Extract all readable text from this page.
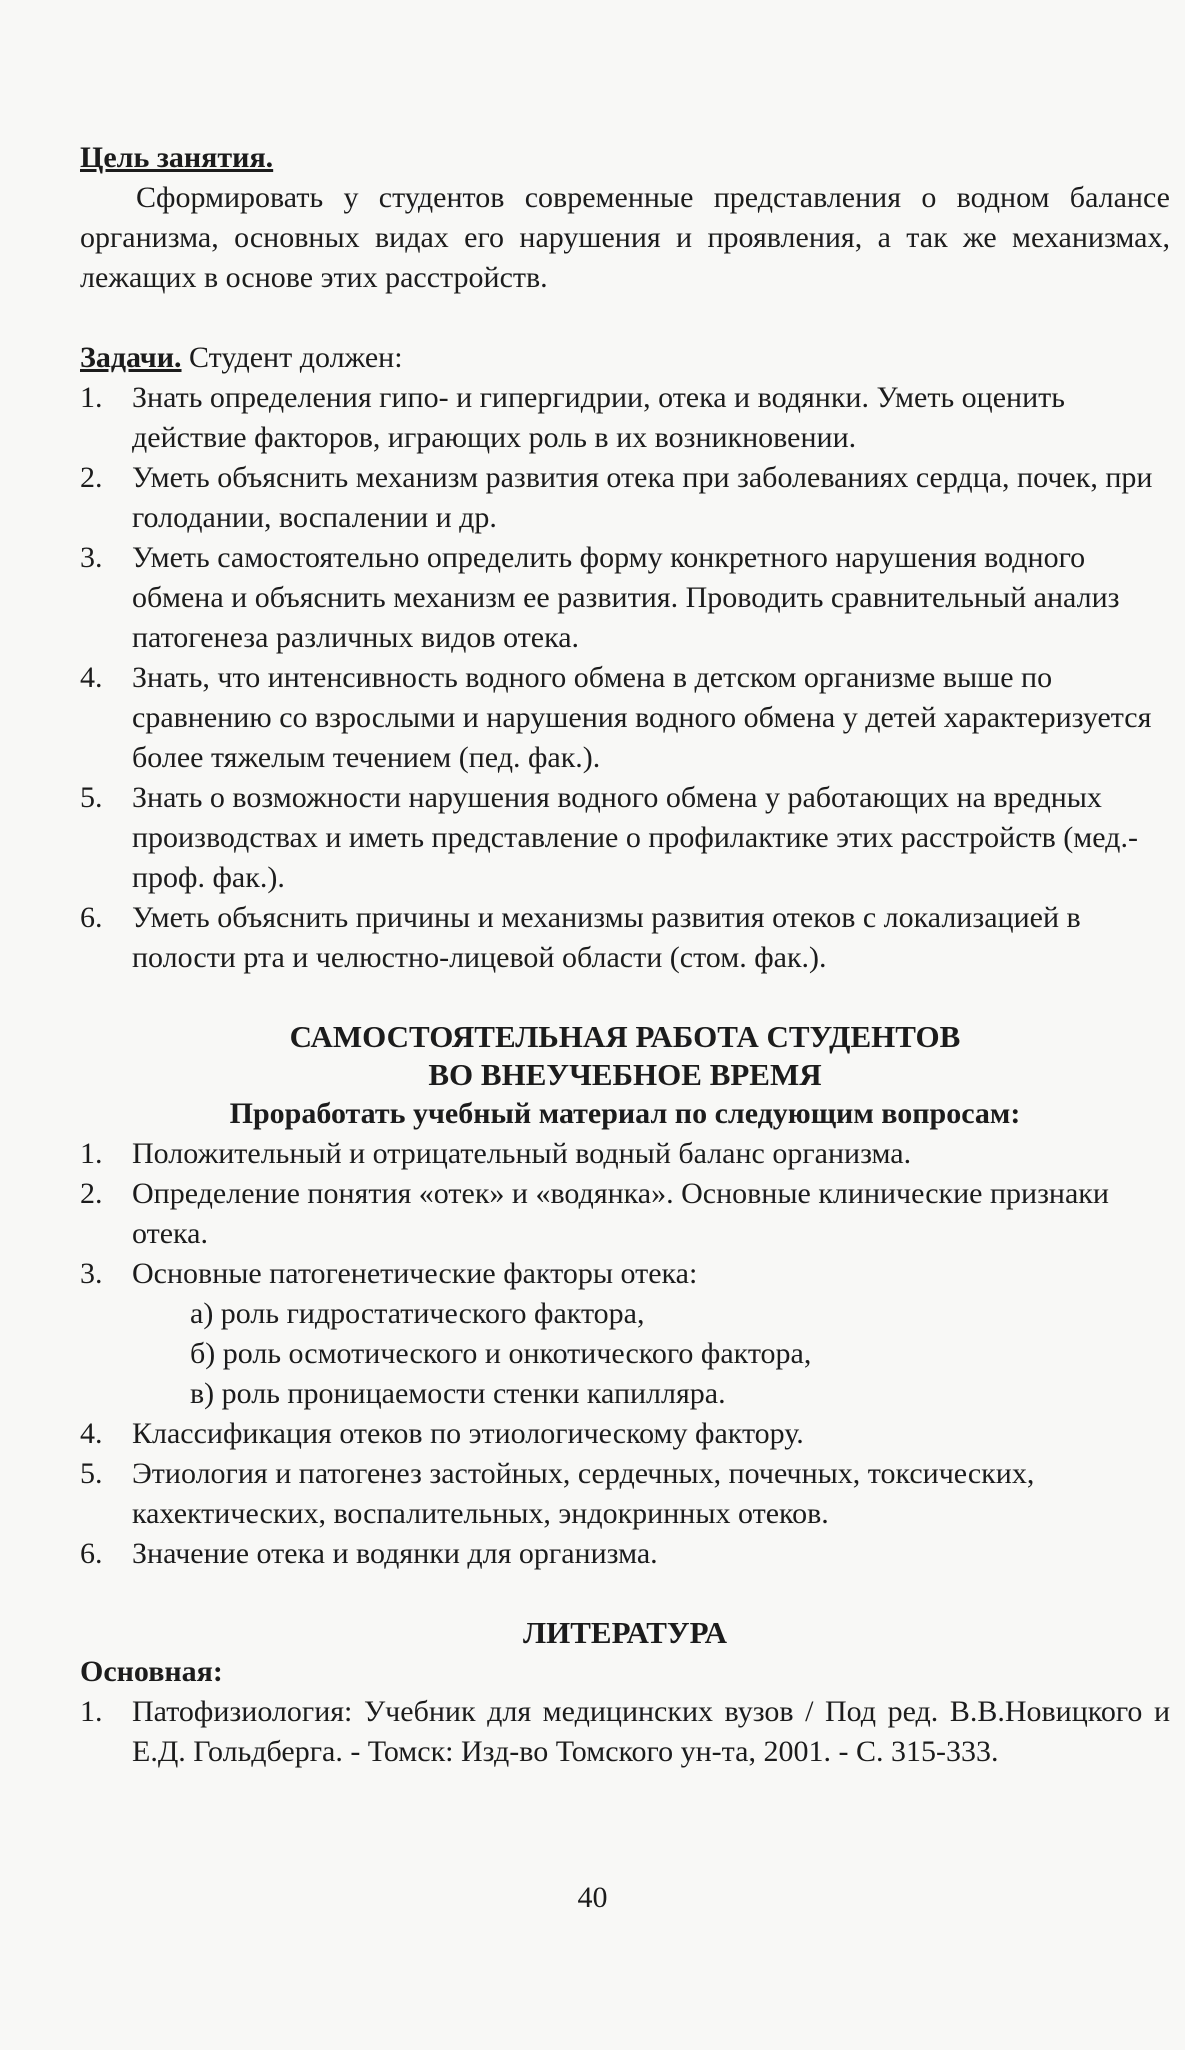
Цель занятия.

Сформировать у студентов современные представления о водном балансе организма, основных видах его нарушения и проявления, а так же механизмах, лежащих в основе этих расстройств.

Задачи. Студент должен:
1. Знать определения гипо- и гипергидрии, отека и водянки. Уметь оценить действие факторов, играющих роль в их возникновении.
2. Уметь объяснить механизм развития отека при заболеваниях сердца, почек, при голодании, воспалении и др.
3. Уметь самостоятельно определить форму конкретного нарушения водного обмена и объяснить механизм ее развития. Проводить сравнительный анализ патогенеза различных видов отека.
4. Знать, что интенсивность водного обмена в детском организме выше по сравнению со взрослыми и нарушения водного обмена у детей характеризуется более тяжелым течением (пед. фак.).
5. Знать о возможности нарушения водного обмена у работающих на вредных производствах и иметь представление о профилактике этих расстройств (мед.-проф. фак.).
6. Уметь объяснить причины и механизмы развития отеков с локализацией в полости рта и челюстно-лицевой области (стом. фак.).
САМОСТОЯТЕЛЬНАЯ РАБОТА СТУДЕНТОВ
ВО ВНЕУЧЕБНОЕ ВРЕМЯ
Проработать учебный материал по следующим вопросам:
1. Положительный и отрицательный водный баланс организма.
2. Определение понятия «отек» и «водянка». Основные клинические признаки отека.
3. Основные патогенетические факторы отека:
а) роль гидростатического фактора,
б) роль осмотического и онкотического фактора,
в) роль проницаемости стенки капилляра.
4. Классификация отеков по этиологическому фактору.
5. Этиология и патогенез застойных, сердечных, почечных, токсических, кахектических, воспалительных, эндокринных отеков.
6. Значение отека и водянки для организма.
ЛИТЕРАТУРА
Основная:
1. Патофизиология: Учебник для медицинских вузов / Под ред. В.В.Новицкого и Е.Д. Гольдберга. - Томск: Изд-во Томского ун-та, 2001. - С. 315-333.
40
